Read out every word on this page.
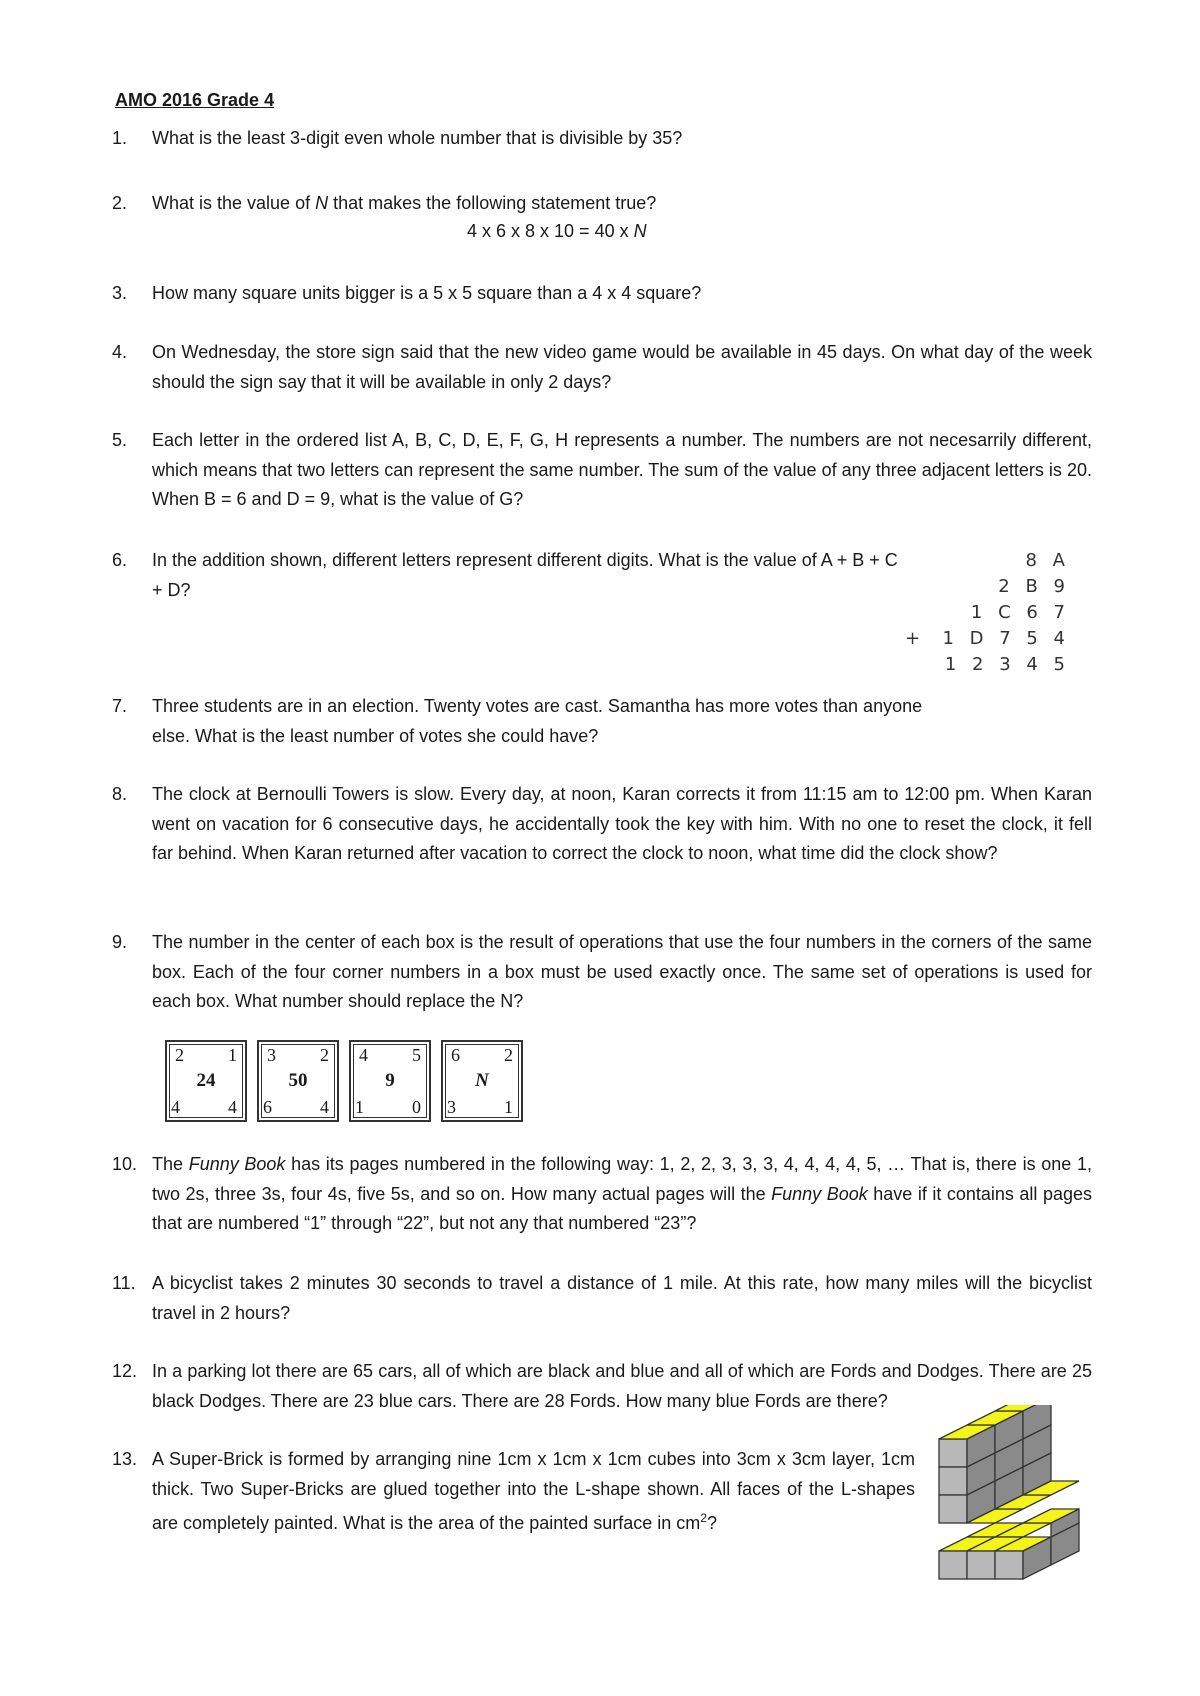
AMO 2016 Grade 4
1.	What is the least 3-digit even whole number that is divisible by 35?
2.	What is the value of N that makes the following statement true?
4 x 6 x 8 x 10 = 40 x N
3.	How many square units bigger is a 5 x 5 square than a 4 x 4 square?
4.	On Wednesday, the store sign said that the new video game would be available in 45 days. On what day of the week should the sign say that it will be available in only 2 days?
5.	Each letter in the ordered list A, B, C, D, E, F, G, H represents a number. The numbers are not necesarrily different, which means that two letters can represent the same number. The sum of the value of any three adjacent letters is 20. When B = 6 and D = 9, what is the value of G?
6.	In the addition shown, different letters represent different digits. What is the value of A + B + C + D?
8 A
2 B 9
1 C 6 7
+ 1 D 7 5 4
1 2 3 4 5
7.	Three students are in an election. Twenty votes are cast. Samantha has more votes than anyone else. What is the least number of votes she could have?
8.	The clock at Bernoulli Towers is slow. Every day, at noon, Karan corrects it from 11:15 am to 12:00 pm. When Karan went on vacation for 6 consecutive days, he accidentally took the key with him. With no one to reset the clock, it fell far behind. When Karan returned after vacation to correct the clock to noon, what time did the clock show?
9.	The number in the center of each box is the result of operations that use the four numbers in the corners of the same box. Each of the four corner numbers in a box must be used exactly once. The same set of operations is used for each box. What number should replace the N?
2 1
24
4	4
3 2
50
6	4
4 5
9
1	0
6 2
N
3	1
10. The Funny Book has its pages numbered in the following way: 1, 2, 2, 3, 3, 3, 4, 4, 4, 4, 5, … That is, there is one 1, two 2s, three 3s, four 4s, five 5s, and so on. How many actual pages will the Funny Book have if it contains all pages that are numbered “1” through “22”, but not any that numbered “23”?
11. A bicyclist takes 2 minutes 30 seconds to travel a distance of 1 mile. At this rate, how many miles will the bicyclist travel in 2 hours?
12. In a parking lot there are 65 cars, all of which are black and blue and all of which are Fords and Dodges. There are 25 black Dodges. There are 23 blue cars. There are 28 Fords. How many blue Fords are there?
13. A Super-Brick is formed by arranging nine 1cm x 1cm x 1cm cubes into 3cm x 3cm layer, 1cm thick. Two Super-Bricks are glued together into the L-shape shown. All faces of the L-shapes are completely painted. What is the area of the painted surface in $cm^2$?
